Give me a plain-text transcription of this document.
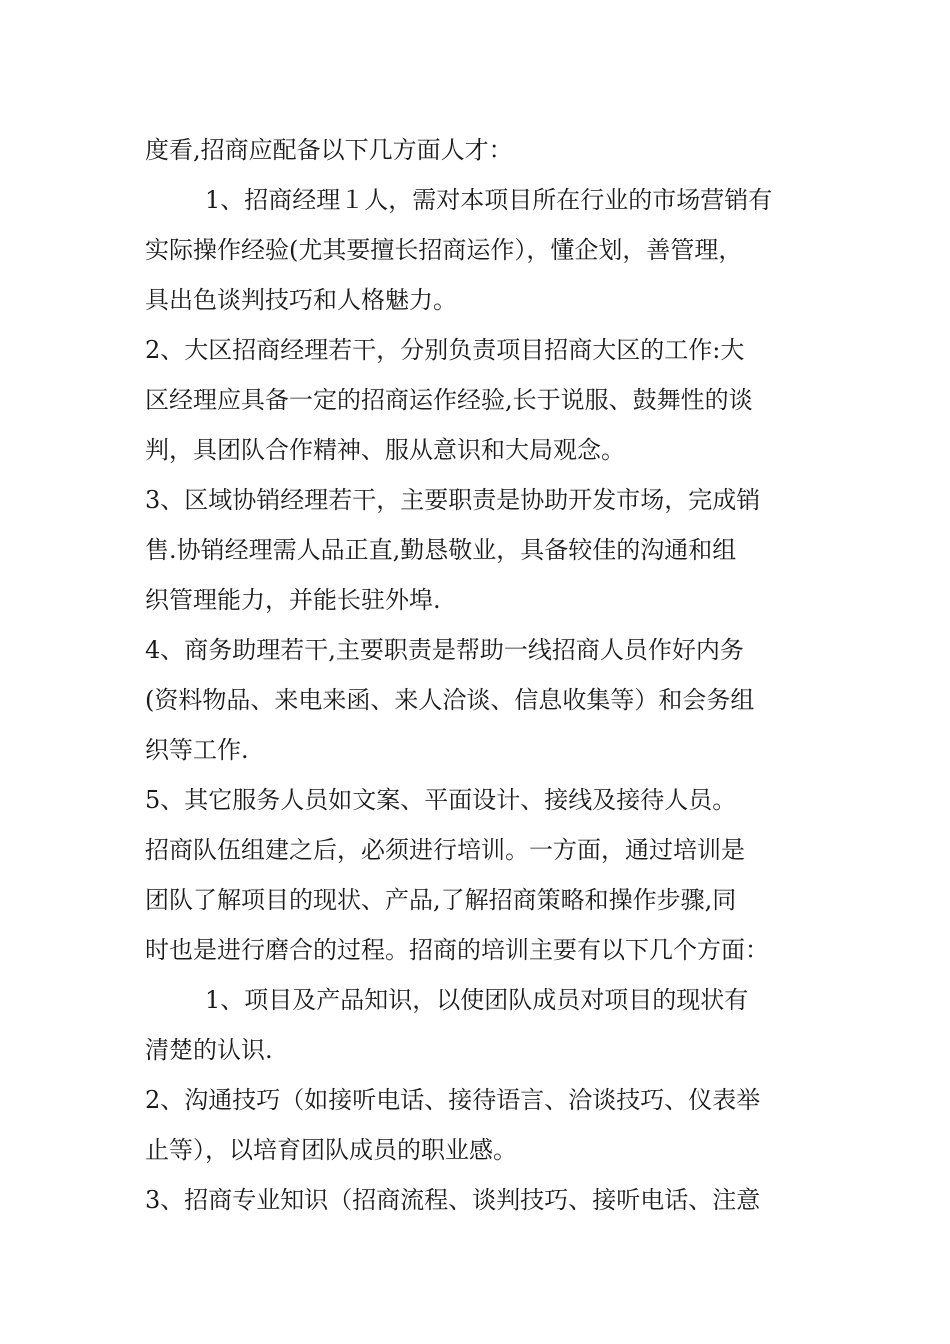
度看,招商应配备以下几方面人才：
1、招商经理１人，需对本项目所在行业的市场营销有
实际操作经验(尤其要擅长招商运作），懂企划，善管理，
具出色谈判技巧和人格魅力。
2、大区招商经理若干，分别负责项目招商大区的工作:大
区经理应具备一定的招商运作经验,长于说服、鼓舞性的谈
判，具团队合作精神、服从意识和大局观念。
3、区域协销经理若干，主要职责是协助开发市场，完成销
售.协销经理需人品正直,勤恳敬业，具备较佳的沟通和组
织管理能力，并能长驻外埠.
4、商务助理若干,主要职责是帮助一线招商人员作好内务
(资料物品、来电来函、来人洽谈、信息收集等）和会务组
织等工作.
5、其它服务人员如文案、平面设计、接线及接待人员。
招商队伍组建之后，必须进行培训。一方面，通过培训是
团队了解项目的现状、产品,了解招商策略和操作步骤,同
时也是进行磨合的过程。招商的培训主要有以下几个方面：
1、项目及产品知识，以使团队成员对项目的现状有
清楚的认识.
2、沟通技巧（如接听电话、接待语言、洽谈技巧、仪表举
止等），以培育团队成员的职业感。
3、招商专业知识（招商流程、谈判技巧、接听电话、注意
